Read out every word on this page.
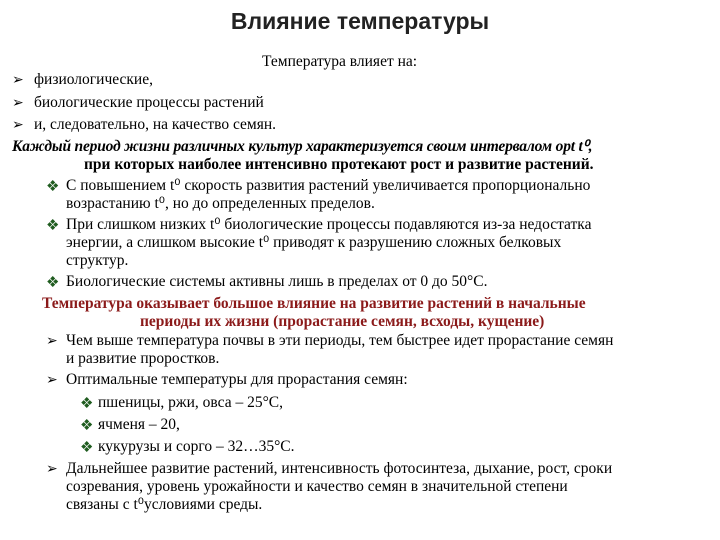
Влияние температуры
Температура влияет на:
➢ физиологические,
➢ биологические процессы растений
➢ и, следовательно, на качество семян.
Каждый период жизни различных культур характеризуется своим интервалом opt t⁰,
при которых наиболее интенсивно протекают рост и развитие растений.
❖ С повышением t⁰ скорость развития растений увеличивается пропорционально
возрастанию t⁰, но до определенных пределов.
❖ При слишком низких t⁰ биологические процессы подавляются из-за недостатка
энергии, а слишком высокие t⁰ приводят к разрушению сложных белковых
структур.
❖ Биологические системы активны лишь в пределах от 0 до 50°С.
Температура оказывает большое влияние на развитие растений в начальные
периоды их жизни (прорастание семян, всходы, кущение)
➢ Чем выше температура почвы в эти периоды, тем быстрее идет прорастание семян
и развитие проростков.
➢ Оптимальные температуры для прорастания семян:
❖ пшеницы, ржи, овса – 25°С,
❖ ячменя – 20,
❖ кукурузы и сорго – 32…35°С.
➢ Дальнейшее развитие растений, интенсивность фотосинтеза, дыхание, рост, сроки
созревания, уровень урожайности и качество семян в значительной степени
связаны с t⁰условиями среды.
